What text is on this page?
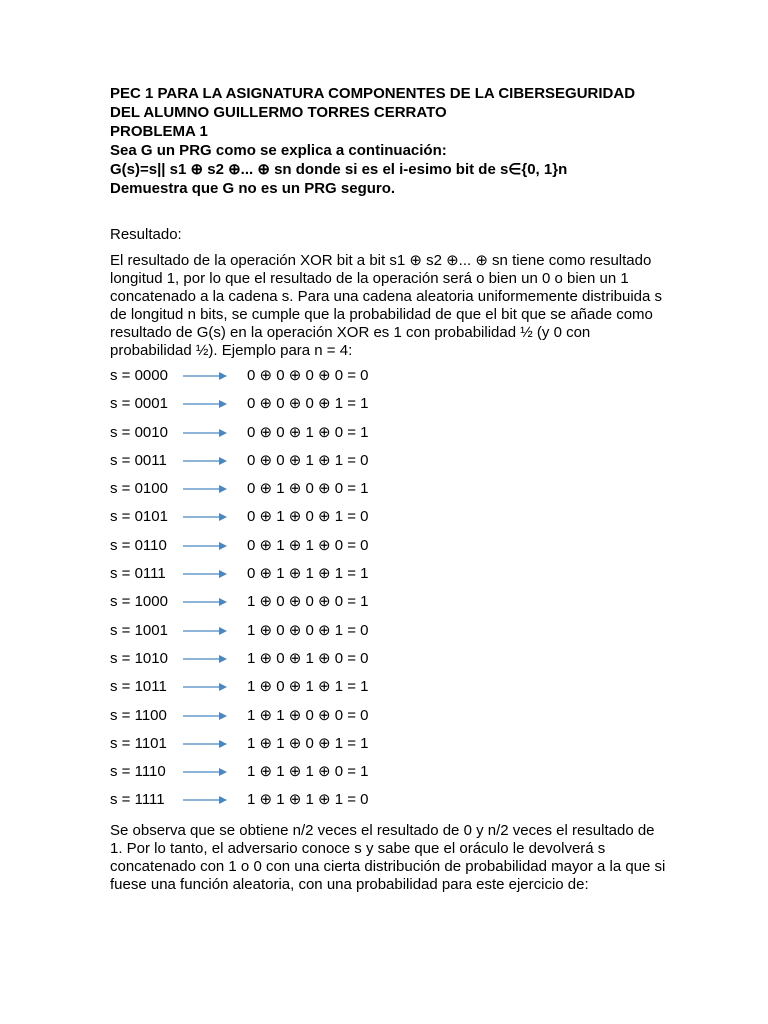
PEC 1 PARA LA ASIGNATURA COMPONENTES DE LA CIBERSEGURIDAD

DEL ALUMNO GUILLERMO TORRES CERRATO

PROBLEMA 1

Sea G un PRG como se explica a continuación:

G(s)=s|| s1 ⊕ s2 ⊕... ⊕ sn donde si es el i-esimo bit de s∈{0, 1}n

Demuestra que G no es un PRG seguro.

Resultado:

El resultado de la operación XOR bit a bit s1 ⊕ s2 ⊕... ⊕ sn tiene como resultado longitud 1, por lo que el resultado de la operación será o bien un 0 o bien un 1 concatenado a la cadena s. Para una cadena aleatoria uniformemente distribuida s de longitud n bits, se cumple que la probabilidad de que el bit que se añade como resultado de G(s) en la operación XOR es 1 con probabilidad ½ (y 0 con probabilidad ½). Ejemplo para n = 4:

s = 0000	0 ⊕ 0 ⊕ 0 ⊕ 0 = 0
s = 0001	0 ⊕ 0 ⊕ 0 ⊕ 1 = 1
s = 0010	0 ⊕ 0 ⊕ 1 ⊕ 0 = 1
s = 0011	0 ⊕ 0 ⊕ 1 ⊕ 1 = 0
s = 0100	0 ⊕ 1 ⊕ 0 ⊕ 0 = 1
s = 0101	0 ⊕ 1 ⊕ 0 ⊕ 1 = 0
s = 0110	0 ⊕ 1 ⊕ 1 ⊕ 0 = 0
s = 0111	0 ⊕ 1 ⊕ 1 ⊕ 1 = 1
s = 1000	1 ⊕ 0 ⊕ 0 ⊕ 0 = 1
s = 1001	1 ⊕ 0 ⊕ 0 ⊕ 1 = 0
s = 1010	1 ⊕ 0 ⊕ 1 ⊕ 0 = 0
s = 1011	1 ⊕ 0 ⊕ 1 ⊕ 1 = 1
s = 1100	1 ⊕ 1 ⊕ 0 ⊕ 0 = 0
s = 1101	1 ⊕ 1 ⊕ 0 ⊕ 1 = 1
s = 1110	1 ⊕ 1 ⊕ 1 ⊕ 0 = 1
s = 1111	1 ⊕ 1 ⊕ 1 ⊕ 1 = 0

Se observa que se obtiene n/2 veces el resultado de 0 y n/2 veces el resultado de 1. Por lo tanto, el adversario conoce s y sabe que el oráculo le devolverá s concatenado con 1 o 0 con una cierta distribución de probabilidad mayor a la que si fuese una función aleatoria, con una probabilidad para este ejercicio de:
